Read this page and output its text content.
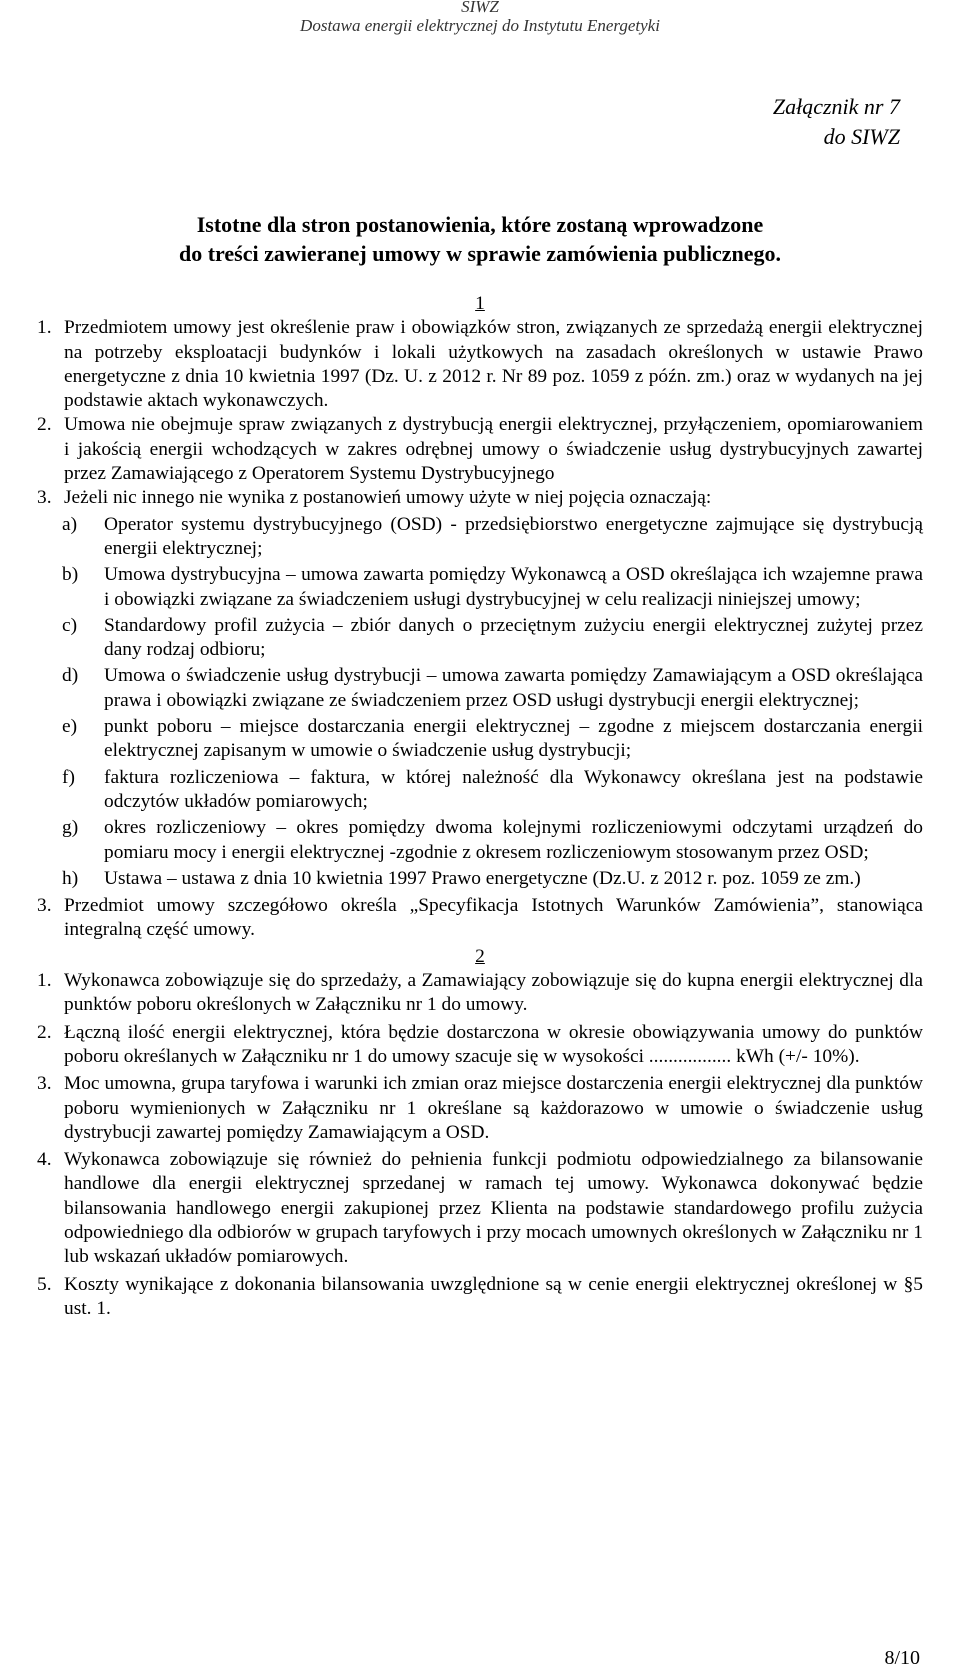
SIWZ
Dostawa energii elektrycznej do Instytutu Energetyki
Załącznik nr 7
do SIWZ
Istotne dla stron postanowienia, które zostaną wprowadzone
do treści zawieranej umowy w sprawie zamówienia publicznego.
1
1. Przedmiotem umowy jest określenie praw i obowiązków stron, związanych ze sprzedażą energii elektrycznej na potrzeby eksploatacji budynków i lokali użytkowych na zasadach określonych w ustawie Prawo energetyczne z dnia 10 kwietnia 1997 (Dz. U. z 2012 r. Nr 89 poz. 1059 z późn. zm.) oraz w wydanych na jej podstawie aktach wykonawczych.
2. Umowa nie obejmuje spraw związanych z dystrybucją energii elektrycznej, przyłączeniem, opomiarowaniem i jakością energii wchodzących w zakres odrębnej umowy o świadczenie usług dystrybucyjnych zawartej przez Zamawiającego z Operatorem Systemu Dystrybucyjnego
3. Jeżeli nic innego nie wynika z postanowień umowy użyte w niej pojęcia oznaczają:
a) Operator systemu dystrybucyjnego (OSD) - przedsiębiorstwo energetyczne zajmujące się dystrybucją energii elektrycznej;
b) Umowa dystrybucyjna – umowa zawarta pomiędzy Wykonawcą a OSD określająca ich wzajemne prawa i obowiązki związane za świadczeniem usługi dystrybucyjnej w celu realizacji niniejszej umowy;
c) Standardowy profil zużycia – zbiór danych o przeciętnym zużyciu energii elektrycznej zużytej przez dany rodzaj odbioru;
d) Umowa o świadczenie usług dystrybucji – umowa zawarta pomiędzy Zamawiającym a OSD określająca prawa i obowiązki związane ze świadczeniem przez OSD usługi dystrybucji energii elektrycznej;
e) punkt poboru – miejsce dostarczania energii elektrycznej – zgodne z miejscem dostarczania energii elektrycznej zapisanym w umowie o świadczenie usług dystrybucji;
f) faktura rozliczeniowa – faktura, w której należność dla Wykonawcy określana jest na podstawie odczytów układów pomiarowych;
g) okres rozliczeniowy – okres pomiędzy dwoma kolejnymi rozliczeniowymi odczytami urządzeń do pomiaru mocy i energii elektrycznej -zgodnie z okresem rozliczeniowym stosowanym przez OSD;
h) Ustawa – ustawa z dnia 10 kwietnia 1997 Prawo energetyczne (Dz.U. z 2012 r. poz. 1059 ze zm.)
3. Przedmiot umowy szczegółowo określa „Specyfikacja Istotnych Warunków Zamówienia”, stanowiąca integralną część umowy.
2
1. Wykonawca zobowiązuje się do sprzedaży, a Zamawiający zobowiązuje się do kupna energii elektrycznej dla punktów poboru określonych w Załączniku nr 1 do umowy.
2. Łączną ilość energii elektrycznej, która będzie dostarczona w okresie obowiązywania umowy do punktów poboru określanych w Załączniku nr 1 do umowy szacuje się w wysokości ................. kWh (+/- 10%).
3. Moc umowna, grupa taryfowa i warunki ich zmian oraz miejsce dostarczenia energii elektrycznej dla punktów poboru wymienionych w Załączniku nr 1 określane są każdorazowo w umowie o świadczenie usług dystrybucji zawartej pomiędzy Zamawiającym a OSD.
4. Wykonawca zobowiązuje się również do pełnienia funkcji podmiotu odpowiedzialnego za bilansowanie handlowe dla energii elektrycznej sprzedanej w ramach tej umowy. Wykonawca dokonywać będzie bilansowania handlowego energii zakupionej przez Klienta na podstawie standardowego profilu zużycia odpowiedniego dla odbiorów w grupach taryfowych i przy mocach umownych określonych w Załączniku nr 1 lub wskazań układów pomiarowych.
5. Koszty wynikające z dokonania bilansowania uwzględnione są w cenie energii elektrycznej określonej w §5 ust. 1.
8/10
